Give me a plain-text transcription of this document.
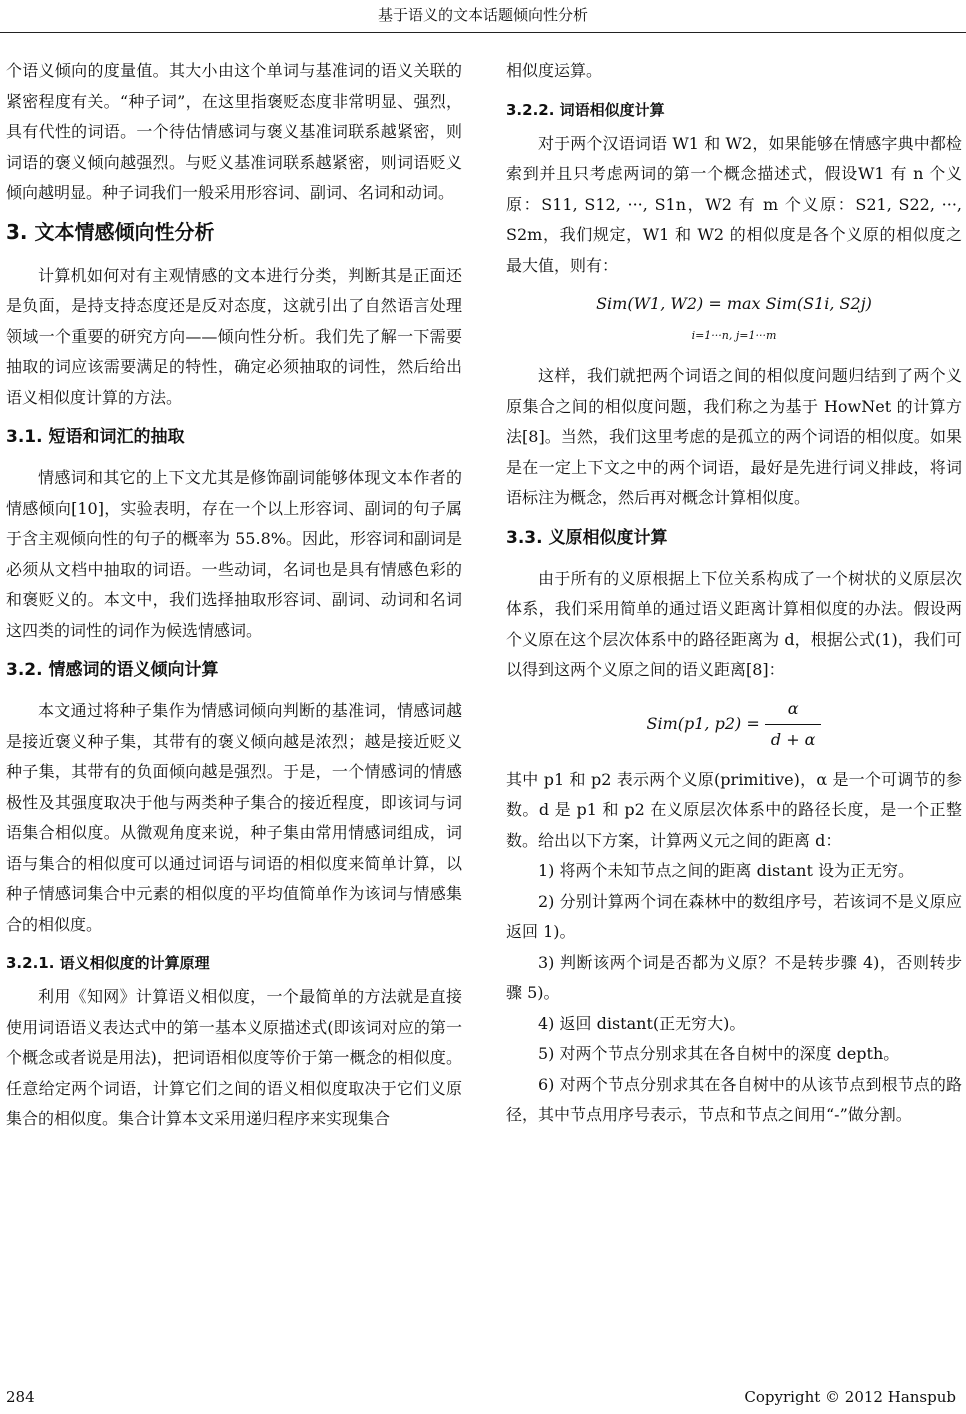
基于语义的文本话题倾向性分析

个语义倾向的度量值。其大小由这个单词与基准词的语义关联的紧密程度有关。“种子词”，在这里指褒贬态度非常明显、强烈，具有代性的词语。一个待估情感词与褒义基准词联系越紧密，则词语的褒义倾向越强烈。与贬义基准词联系越紧密，则词语贬义倾向越明显。种子词我们一般采用形容词、副词、名词和动词。

3. 文本情感倾向性分析

计算机如何对有主观情感的文本进行分类，判断其是正面还是负面，是持支持态度还是反对态度，这就引出了自然语言处理领域一个重要的研究方向——倾向性分析。我们先了解一下需要抽取的词应该需要满足的特性，确定必须抽取的词性，然后给出语义相似度计算的方法。

3.1. 短语和词汇的抽取

情感词和其它的上下文尤其是修饰副词能够体现文本作者的情感倾向[10]，实验表明，存在一个以上形容词、副词的句子属于含主观倾向性的句子的概率为 55.8%。因此，形容词和副词是必须从文档中抽取的词语。一些动词，名词也是具有情感色彩的和褒贬义的。本文中，我们选择抽取形容词、副词、动词和名词这四类的词性的词作为候选情感词。

3.2. 情感词的语义倾向计算

本文通过将种子集作为情感词倾向判断的基准词，情感词越是接近褒义种子集，其带有的褒义倾向越是浓烈；越是接近贬义种子集，其带有的负面倾向越是强烈。于是，一个情感词的情感极性及其强度取决于他与两类种子集合的接近程度，即该词与词语集合相似度。从微观角度来说，种子集由常用情感词组成，词语与集合的相似度可以通过词语与词语的相似度来简单计算，以种子情感词集合中元素的相似度的平均值简单作为该词与情感集合的相似度。

3.2.1. 语义相似度的计算原理

利用《知网》计算语义相似度，一个最简单的方法就是直接使用词语语义表达式中的第一基本义原描述式(即该词对应的第一个概念或者说是用法)，把词语相似度等价于第一概念的相似度。任意给定两个词语，计算它们之间的语义相似度取决于它们义原集合的相似度。集合计算本文采用递归程序来实现集合

相似度运算。

3.2.2. 词语相似度计算

对于两个汉语词语 W1 和 W2，如果能够在情感字典中都检索到并且只考虑两词的第一个概念描述式，假设W1 有 n 个义原：S11, S12, ···, S1n，W2 有 m 个义原：S21, S22, ···, S2m，我们规定，W1 和 W2 的相似度是各个义原的相似度之最大值，则有：

Sim(W1, W2) = max Sim(S1i, S2j)
i=1···n, j=1···m

这样，我们就把两个词语之间的相似度问题归结到了两个义原集合之间的相似度问题，我们称之为基于 HowNet 的计算方法[8]。当然，我们这里考虑的是孤立的两个词语的相似度。如果是在一定上下文之中的两个词语，最好是先进行词义排歧，将词语标注为概念，然后再对概念计算相似度。

3.3. 义原相似度计算

由于所有的义原根据上下位关系构成了一个树状的义原层次体系，我们采用简单的通过语义距离计算相似度的办法。假设两个义原在这个层次体系中的路径距离为 d，根据公式(1)，我们可以得到这两个义原之间的语义距离[8]：

Sim(p1, $p2) = \frac{\alpha}{d + \alpha}$

其中 p1 和 p2 表示两个义原(primitive)，α 是一个可调节的参数。d 是 p1 和 p2 在义原层次体系中的路径长度，是一个正整数。给出以下方案，计算两义元之间的距离 d：

1) 将两个未知节点之间的距离 distant 设为正无穷。

2) 分别计算两个词在森林中的数组序号，若该词不是义原应返回 1)。

3) 判断该两个词是否都为义原？不是转步骤 4)，否则转步骤 5)。

4) 返回 distant(正无穷大)。

5) 对两个节点分别求其在各自树中的深度 depth。

6) 对两个节点分别求其在各自树中的从该节点到根节点的路径，其中节点用序号表示，节点和节点之间用“-”做分割。

284	Copyright © 2012 Hanspub
